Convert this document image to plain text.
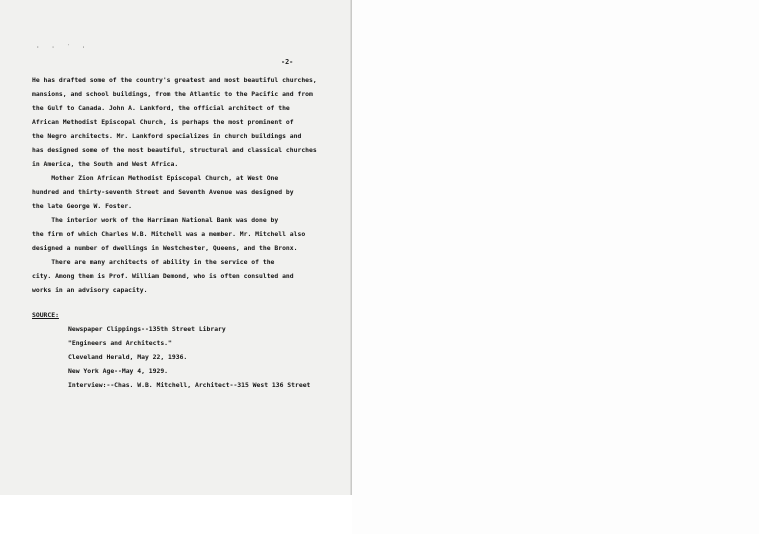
· · ˙ ·
-2-
He has drafted some of the country's greatest and most beautiful churches,
mansions, and school buildings, from the Atlantic to the Pacific and from
the Gulf to Canada. John A. Lankford, the official architect of the
African Methodist Episcopal Church, is perhaps the most prominent of
the Negro architects. Mr. Lankford specializes in church buildings and
has designed some of the most beautiful, structural and classical churches
in America, the South and West Africa.
Mother Zion African Methodist Episcopal Church, at West One
hundred and thirty-seventh Street and Seventh Avenue was designed by
the late George W. Foster.
The interior work of the Harriman National Bank was done by
the firm of which Charles W.B. Mitchell was a member. Mr. Mitchell also
designed a number of dwellings in Westchester, Queens, and the Bronx.
There are many architects of ability in the service of the
city. Among them is Prof. William Demond, who is often consulted and
works in an advisory capacity.
SOURCE:
Newspaper Clippings--135th Street Library
"Engineers and Architects."
Cleveland Herald, May 22, 1936.
New York Age--May 4, 1929.
Interview:--Chas. W.B. Mitchell, Architect--315 West 136 Street
